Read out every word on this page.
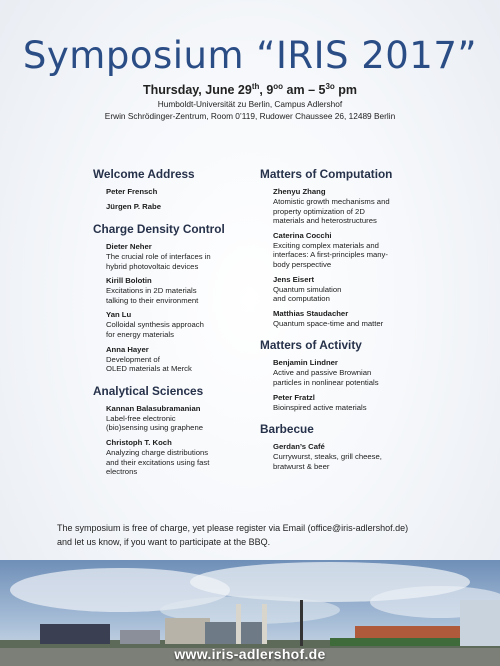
Symposium “IRIS 2017”
Thursday, June 29th, $9^{oo}$ am – $5^{3o}$ pm
Humboldt-Universität zu Berlin, Campus Adlershof
Erwin Schrödinger-Zentrum, Room 0’119, Rudower Chaussee 26, 12489 Berlin
Welcome Address
Peter Frensch
Jürgen P. Rabe
Charge Density Control
Dieter Neher
The crucial role of interfaces in
hybrid photovoltaic devices
Kirill Bolotin
Excitations in 2D materials
talking to their environment
Yan Lu
Colloidal synthesis approach
for energy materials
Anna Hayer
Development of
OLED materials at Merck
Analytical Sciences
Kannan Balasubramanian
Label-free electronic
(bio)sensing using graphene
Christoph T. Koch
Analyzing charge distributions
and their excitations using fast
electrons
Matters of Computation
Zhenyu Zhang
Atomistic growth mechanisms and
property optimization of 2D
materials and heterostructures
Caterina Cocchi
Exciting complex materials and
interfaces: A first-principles many-
body perspective
Jens Eisert
Quantum simulation
and computation
Matthias Staudacher
Quantum space-time and matter
Matters of Activity
Benjamin Lindner
Active and passive Brownian
particles in nonlinear potentials
Peter Fratzl
Bioinspired active materials
Barbecue
Gerdan’s Café
Currywurst, steaks, grill cheese,
bratwurst & beer
The symposium is free of charge, yet please register via Email (office@iris-adlershof.de)
and let us know, if you want to participate at the BBQ.
www.iris-adlershof.de
